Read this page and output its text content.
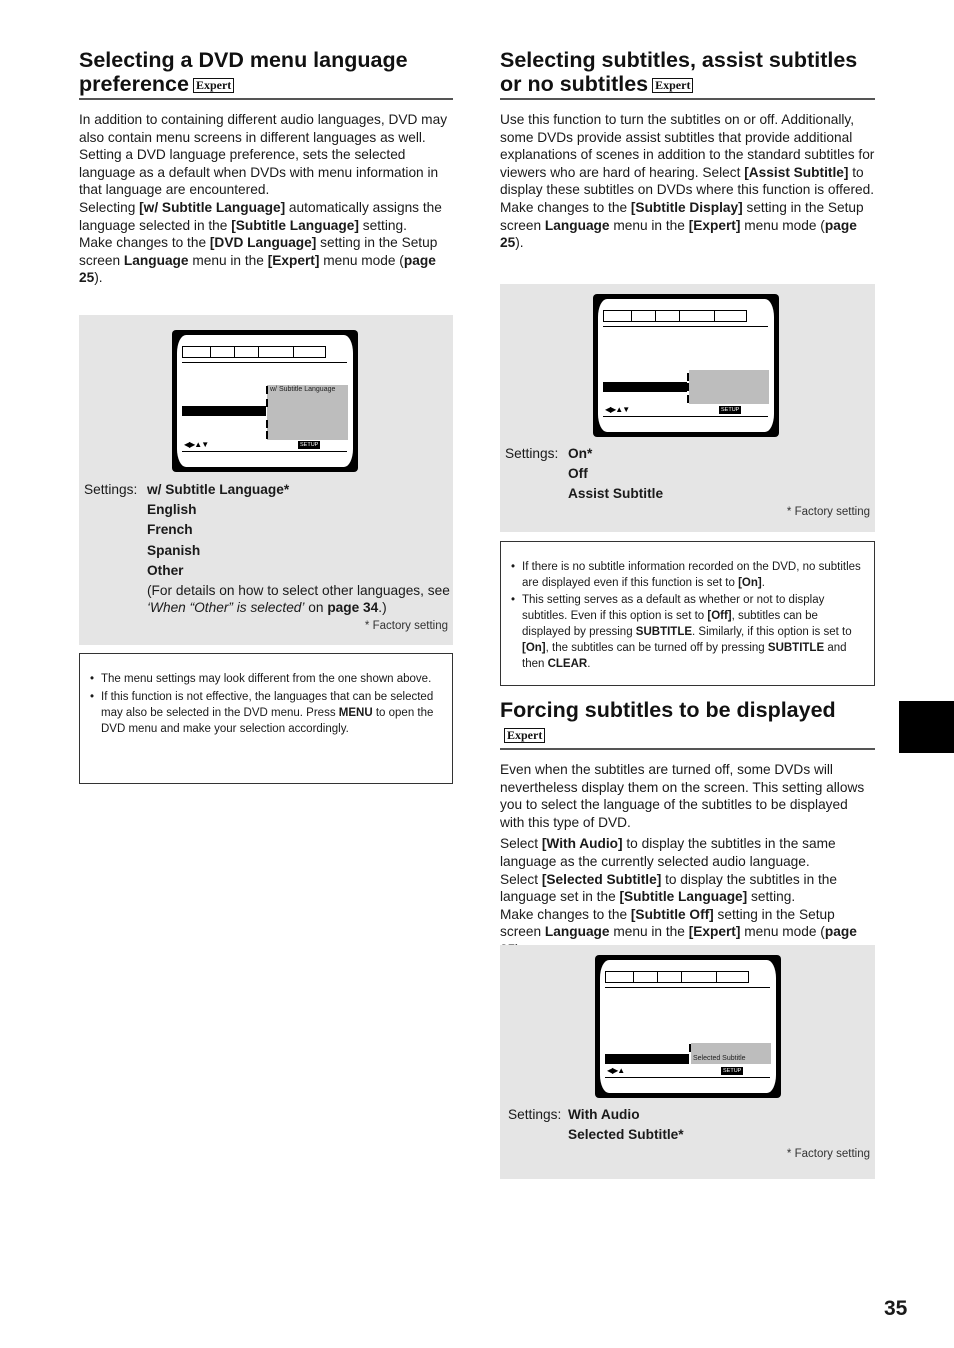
Selecting a DVD menu language preference Expert

In addition to containing different audio languages, DVD may also contain menu screens in different languages as well. Setting a DVD language preference, sets the selected language as a default when DVDs with menu information in that language are encountered.

Selecting [w/ Subtitle Language] automatically assigns the language selected in the [Subtitle Language] setting.

Make changes to the [DVD Language] setting in the Setup screen Language menu in the [Expert] menu mode (page 25).

w/ Subtitle Language
◀▶▲▼	SETUP
Settings: w/ Subtitle Language*
English
French
Spanish
Other
(For details on how to select other languages, see ‘When “Other” is selected’ on page 34.)
* Factory setting
• The menu settings may look different from the one shown above.
• If this function is not effective, the languages that can be selected may also be selected in the DVD menu. Press MENU to open the DVD menu and make your selection accordingly.
Selecting subtitles, assist subtitles or no subtitles Expert

Use this function to turn the subtitles on or off. Additionally, some DVDs provide assist subtitles that provide additional explanations of scenes in addition to the standard subtitles for viewers who are hard of hearing. Select [Assist Subtitle] to display these subtitles on DVDs where this function is offered.

Make changes to the [Subtitle Display] setting in the Setup screen Language menu in the [Expert] menu mode (page 25).

◀▶▲▼	SETUP
Settings: On*
Off
Assist Subtitle
* Factory setting
• If there is no subtitle information recorded on the DVD, no subtitles are displayed even if this function is set to [On].
• This setting serves as a default as whether or not to display subtitles. Even if this option is set to [Off], subtitles can be displayed by pressing SUBTITLE. Similarly, if this option is set to [On], the subtitles can be turned off by pressing SUBTITLE and then CLEAR.
Forcing subtitles to be displayedExpert

Even when the subtitles are turned off, some DVDs will nevertheless display them on the screen. This setting allows you to select the language of the subtitles to be displayed with this type of DVD.

Select [With Audio] to display the subtitles in the same language as the currently selected audio language.

Select [Selected Subtitle] to display the subtitles in the language set in the [Subtitle Language] setting.

Make changes to the [Subtitle Off] setting in the Setup screen Language menu in the [Expert] menu mode (page

Selected Subtitle
◀▶▲	SETUP
Settings: With Audio
Selected Subtitle*
* Factory setting
35
